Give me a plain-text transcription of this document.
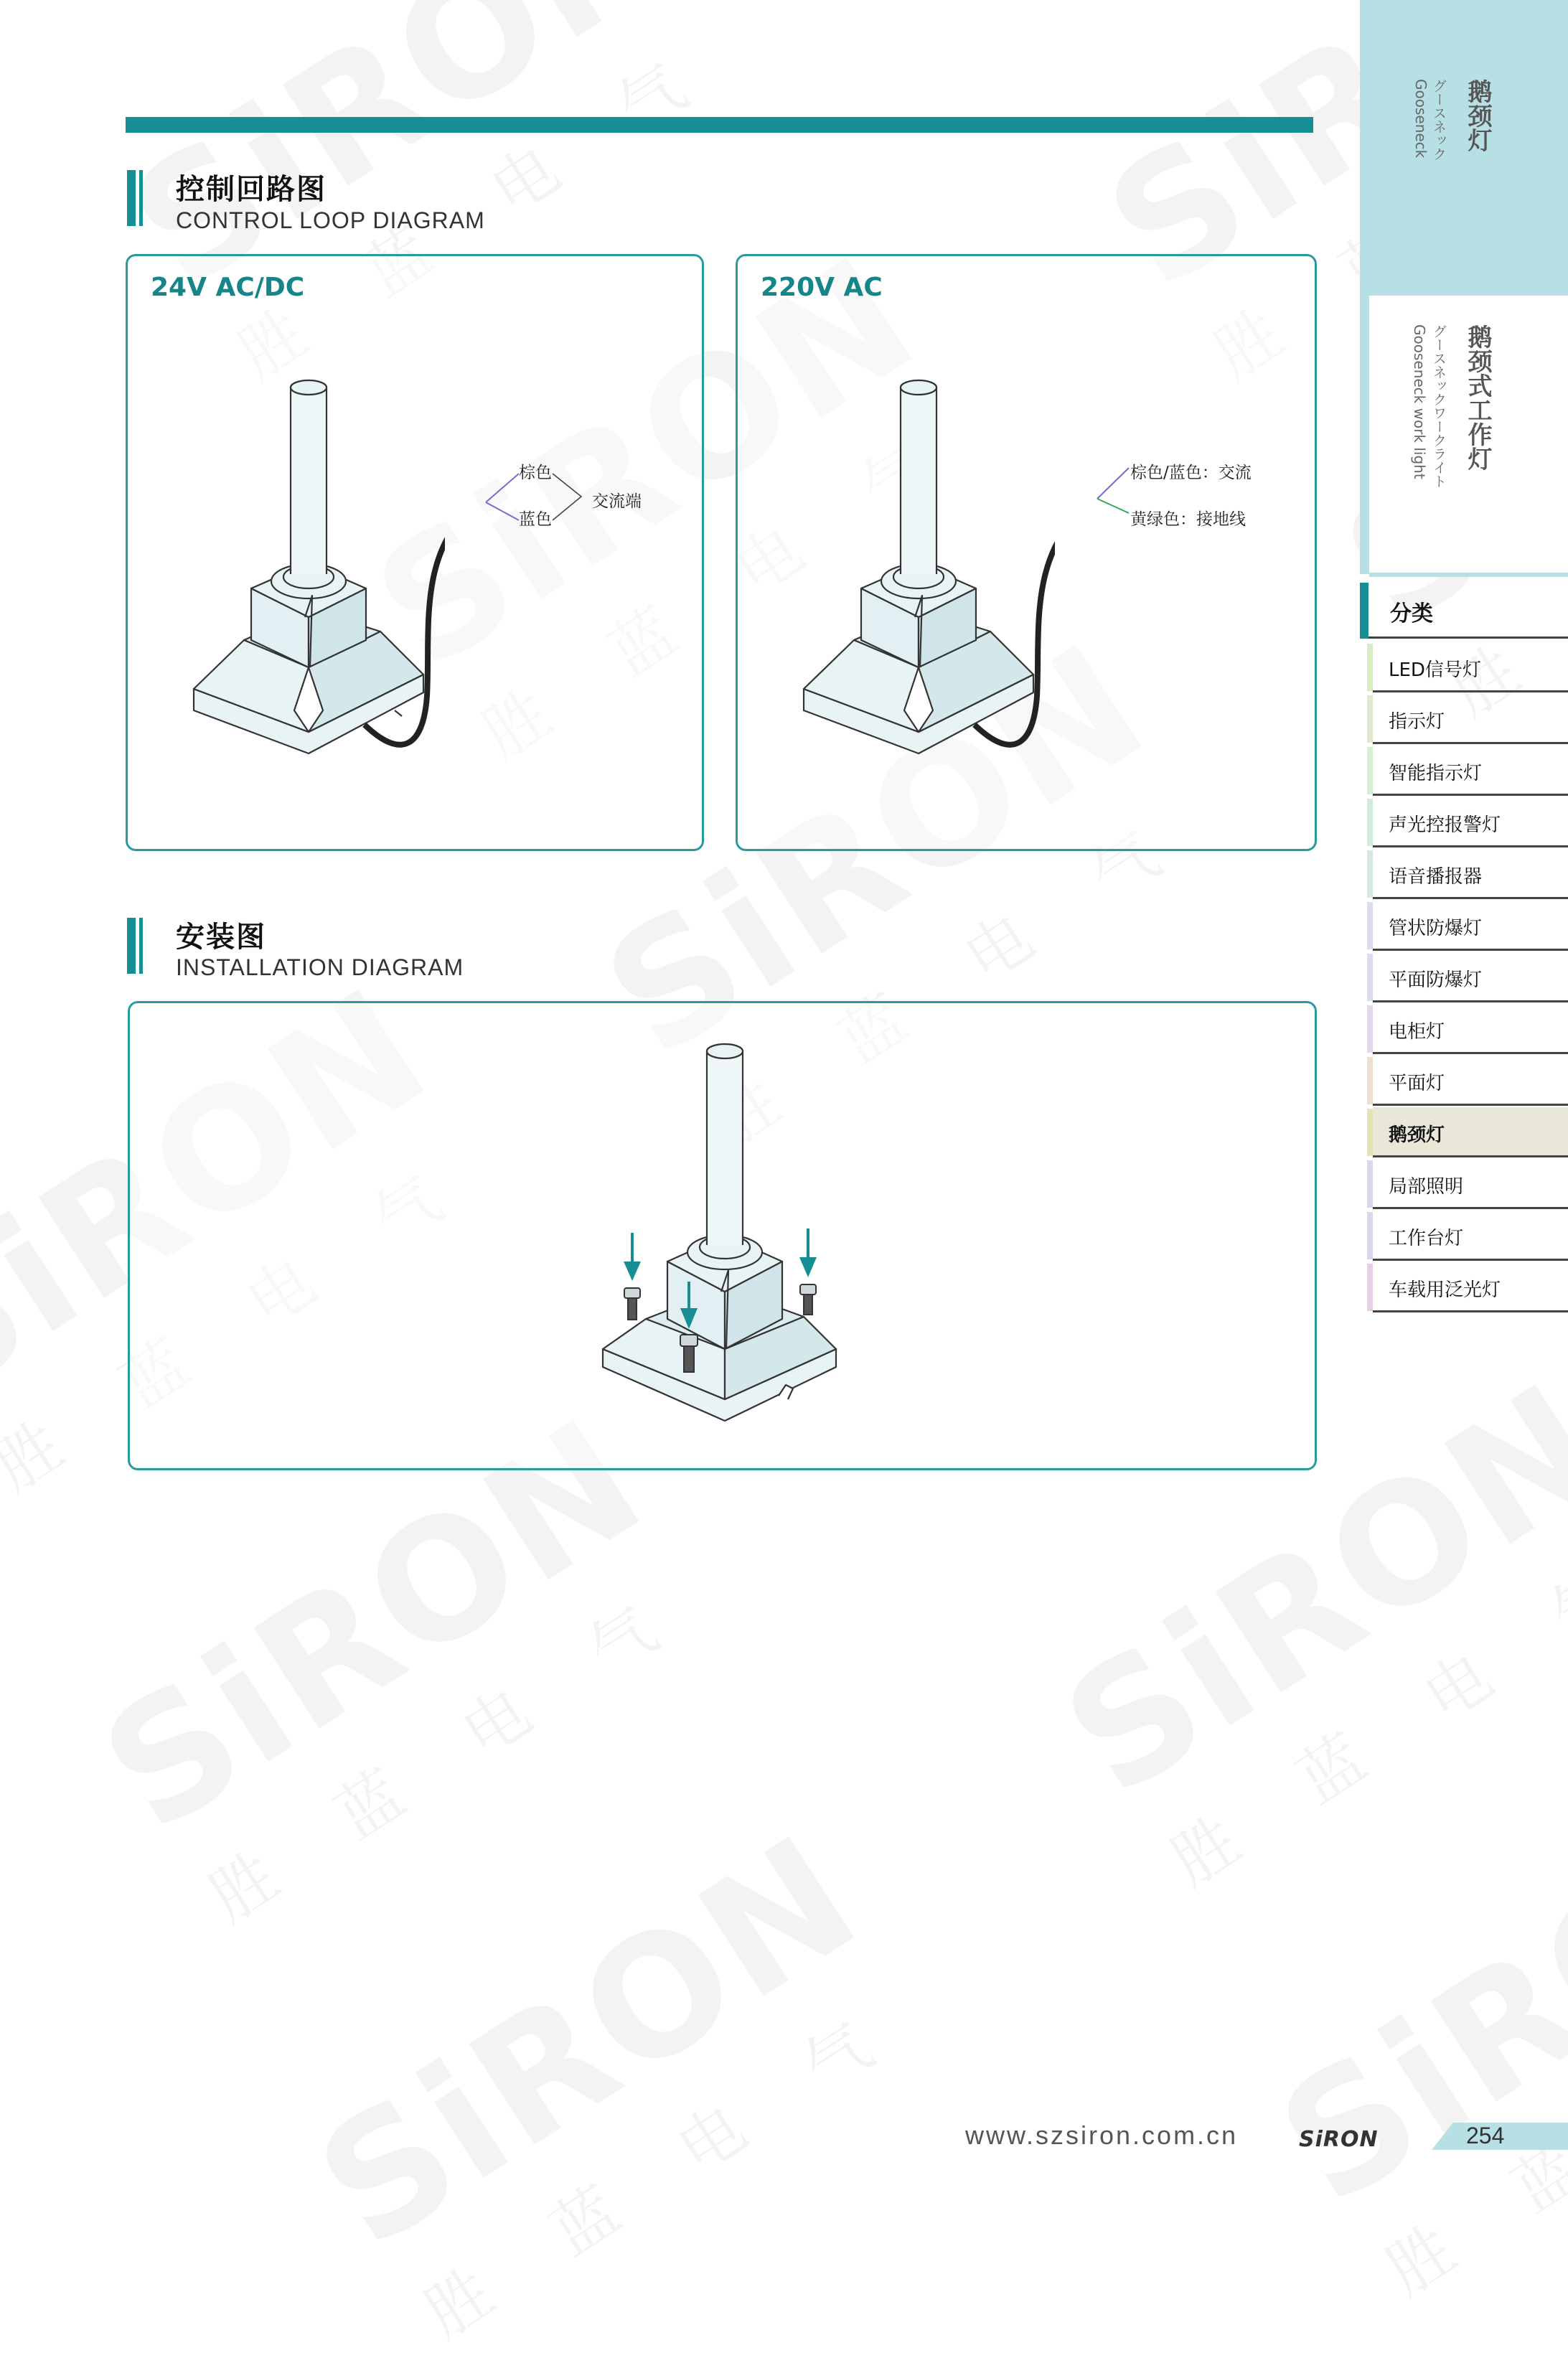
控制回路图
CONTROL LOOP DIAGRAM
24V AC/DC	220V AC
棕色
蓝色
交流端
棕色/蓝色：交流
黄绿色：接地线
安装图
INSTALLATION DIAGRAM
鹅颈灯
グースネック
Gooseneck
鹅颈式工作灯
グースネックワークライト
Gooseneck work light
分类
LED信号灯
指示灯
智能指示灯
声光控报警灯
语音播报器
管状防爆灯
平面防爆灯
电柜灯
平面灯
鹅颈灯
局部照明
工作台灯
车载用泛光灯
www.szsiron.com.cn	SiRON	254
